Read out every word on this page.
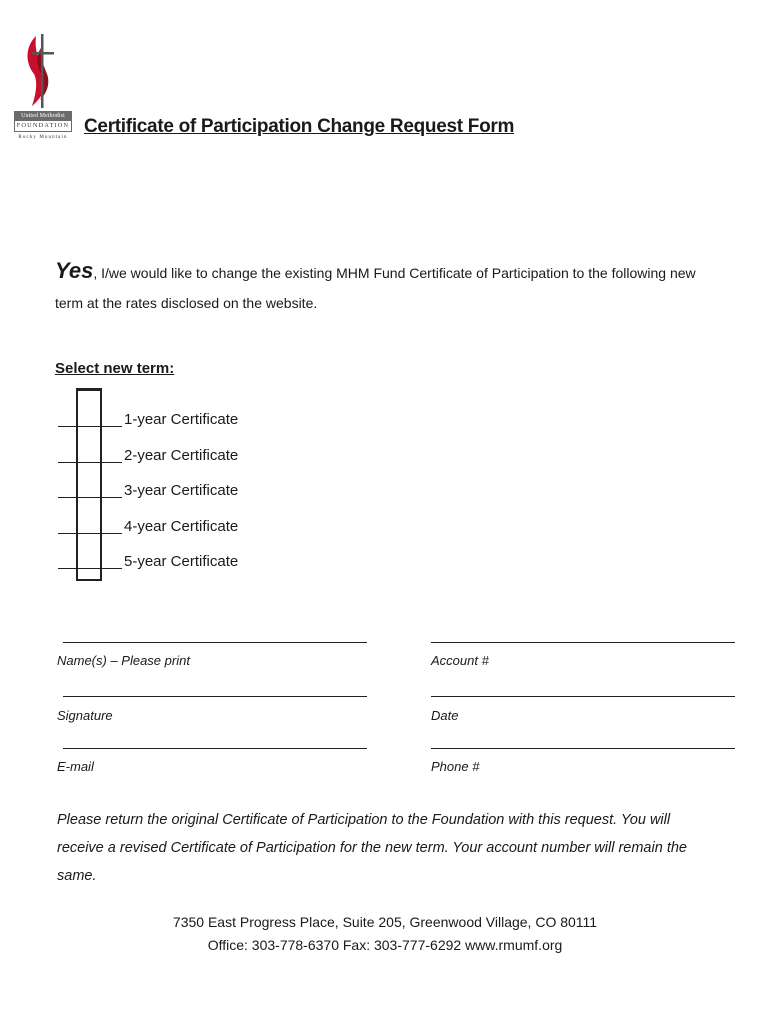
United Methodist
FOUNDATION
Rocky Mountain
Certificate of Participation Change Request Form
Yes, I/we would like to change the existing MHM Fund Certificate of Participation to the following new term at the rates disclosed on the website.
Select new term:
1-year Certificate
2-year Certificate
3-year Certificate
4-year Certificate
5-year Certificate
Name(s) – Please print	Account #
Signature	Date
E-mail	Phone #
Please return the original Certificate of Participation to the Foundation with this request. You will receive a revised Certificate of Participation for the new term. Your account number will remain the same.
7350 East Progress Place, Suite 205, Greenwood Village, CO 80111
Office: 303-778-6370 Fax: 303-777-6292 www.rmumf.org
